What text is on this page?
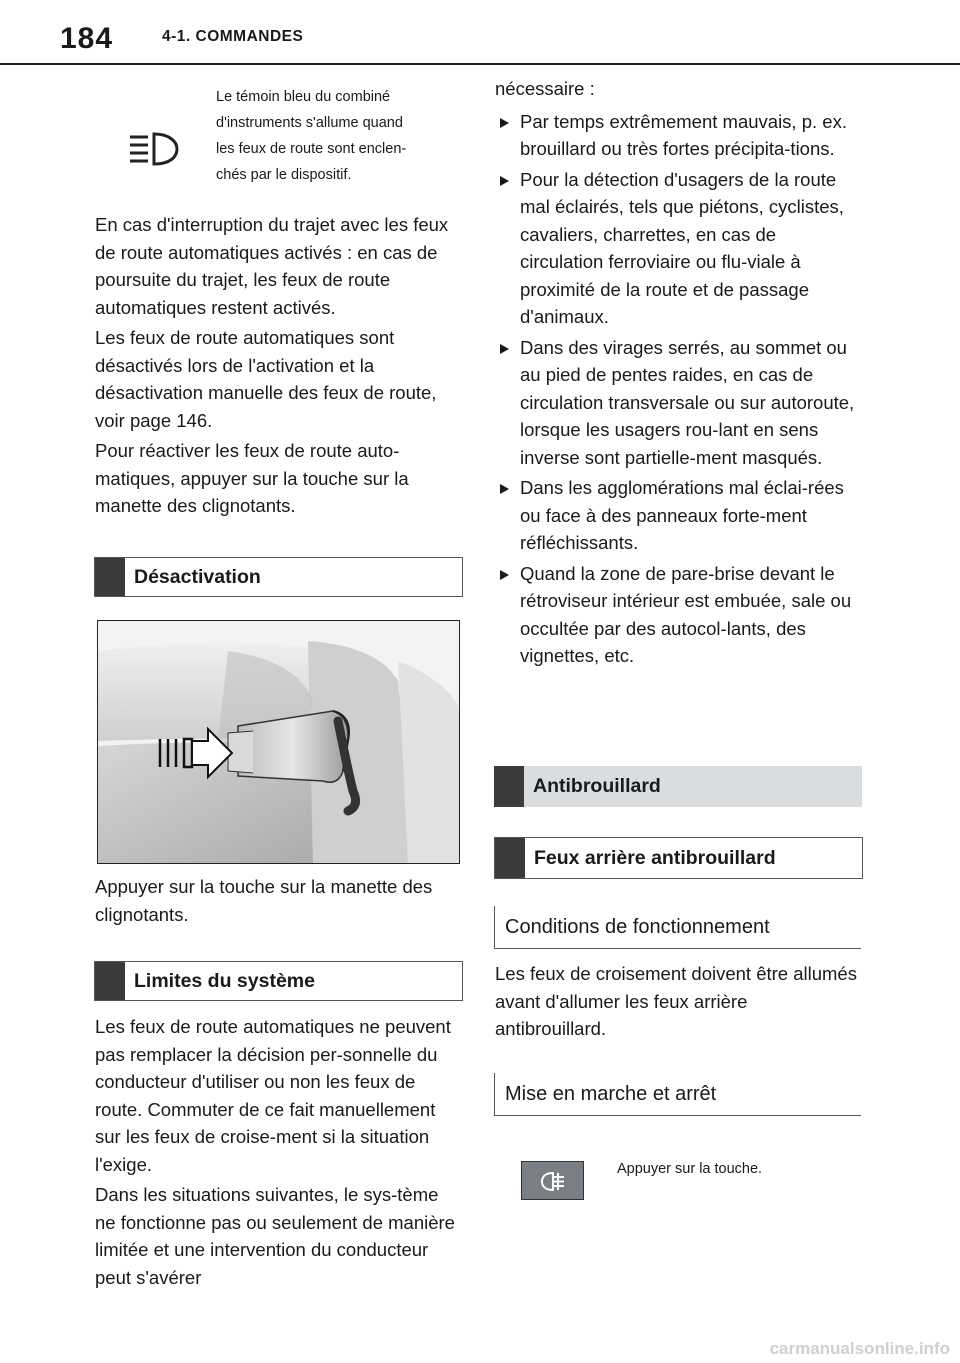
184	4-1. COMMANDES
Le témoin bleu du combiné
d'instruments s'allume quand
les feux de route sont enclen-
chés par le dispositif.

En cas d'interruption du trajet avec les feux de route automatiques activés : en cas de poursuite du trajet, les feux de route automatiques restent activés.

Les feux de route automatiques sont désactivés lors de l'activation et la désactivation manuelle des feux de route, voir page 146.

Pour réactiver les feux de route auto-matiques, appuyer sur la touche sur la manette des clignotants.

Désactivation
Appuyer sur la touche sur la manette des clignotants.
Limites du système

Les feux de route automatiques ne peuvent pas remplacer la décision per-sonnelle du conducteur d'utiliser ou non les feux de route. Commuter de ce fait manuellement sur les feux de croise-ment si la situation l'exige.

Dans les situations suivantes, le sys-tème ne fonctionne pas ou seulement de manière limitée et une intervention du conducteur peut s'avérer

nécessaire :

Par temps extrêmement mauvais, p. ex. brouillard ou très fortes précipita-tions.
Pour la détection d'usagers de la route mal éclairés, tels que piétons, cyclistes, cavaliers, charrettes, en cas de circulation ferroviaire ou flu-viale à proximité de la route et de passage d'animaux.
Dans des virages serrés, au sommet ou au pied de pentes raides, en cas de circulation transversale ou sur autoroute, lorsque les usagers rou-lant en sens inverse sont partielle-ment masqués.
Dans les agglomérations mal éclai-rées ou face à des panneaux forte-ment réfléchissants.
Quand la zone de pare-brise devant le rétroviseur intérieur est embuée, sale ou occultée par des autocol-lants, des vignettes, etc.
Antibrouillard
Feux arrière antibrouillard
Conditions de fonctionnement
Les feux de croisement doivent être allumés avant d'allumer les feux arrière antibrouillard.
Mise en marche et arrêt
Appuyer sur la touche.
carmanualsonline.info
